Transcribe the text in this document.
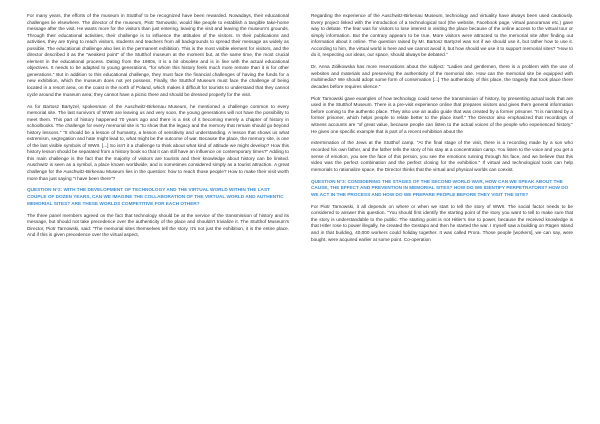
For many years, the efforts of the museum in Stutthof to be recognized have been rewarded. Nowadays, their educational challenges lie elsewhere. The director of the museum, Piotr Tarnowski, would like people to establish a tangible take-home message after the visit. He wants more for the visitors than just entering, leaving the visit and leaving the museum's grounds. Through their educational activities, their challenge is to influence the attitudes of the visitors. In their publications and activities, they are trying to reach visitors, students and teachers from all backgrounds to spread their message as widely as possible. The educational challenge also lies in the permanent exhibition. This is the most visible element for visitors, and the director described it as the "weakest point" of the Stutthof museum at the moment but, at the same time, the most crucial element in the educational process. Dating from the 1980s, it is a bit obsolete and is in line with the actual educational objectives. It needs to be adapted to young generations, "for whom this history feels much more remote than it is for other generations." But in addition to this educational challenge, they must face the financial challenges of having the funds for a new exhibition, which the museum does not yet possess. Finally, the Stutthof Museum must face the challenge of being located in a resort area, on the coast in the north of Poland, which makes it difficult for tourists to understand that they cannot cycle around the museum area; they cannot have a picnic there and should be dressed properly for the visit.

As for Bartosz Bartyzel, spokesman of the Auschwitz-Birkenau Museum, he mentioned a challenge common to every memorial site. The last survivors of WWII are leaving us and very soon, the young generations will not have the possibility to meet them. This part of history happened 70 years ago and there is a risk of it becoming merely a chapter of history in schoolbooks. The challenge for every memorial site is "to show that the legacy and the memory that remain should go beyond history lessons." "It should be a lesson of humanity, a lesson of sensitivity and understanding. A lesson that shows us what extremism, segregation and hate might lead to, what might be the outcome of war. Because the place, the memory site, is one of the last visible symbols of WWII. [...] So isn't it a challenge to think about what kind of attitude we might develop? How this history lesson should be separated from a history book so that it can still have an influence on contemporary times?" Adding to this main challenge is the fact that the majority of visitors are tourists and their knowledge about history can be limited. Auschwitz is seen as a symbol, a place known worldwide, and is sometimes considered simply as a tourist attraction. A great challenge for the Auschwitz-Birkenau Museum lies in the question: how to reach those people? How to make their visit worth more than just saying "I have been there"?

QUESTION N°2: WITH THE DEVELOPMENT OF TECHNOLOGY AND THE VIRTUAL WORLD WITHIN THE LAST COUPLE OF DOZEN YEARS, CAN WE IMAGINE THE COLLABORATION OF THE VIRTUAL WORLD AND AUTHENTIC MEMORIAL SITES? ARE THESE WORLDS COMPETITIVE FOR EACH OTHER?

The three panel members agreed on the fact that technology should be at the service of the transmission of history and its message, but should not take precedence over the authenticity of the place and shouldn't trivialize it. The Stutthof Museum's Director, Piotr Tarnowski, said: "The memorial sites themselves tell the story. It's not just the exhibition, it is the entire place. And if this is given precedence over the virtual aspect,

Regarding the experience of the Auschwitz-Birkenau Museum, technology and virtuality have always been used cautiously. Every project linked with the introduction of a technological tool (the website, Facebook page, virtual panoramas etc.) gave way to debate. The fear was for visitors to lose interest in visiting the place because of the online access to the virtual tour or simply information. But the contrary appears to be true. More visitors were attracted to the memorial site after finding out information about it online. The question raised by Mr. Bartosz Bartyzel was not if we should use it, but rather how to use it. According to him, the virtual world is here and we cannot avoid it, but how should we use it to support memorial sites? "How to do it, respecting our ideas, our space, should always be debated."

Dr. Anna Ziółkowska has more reservations about the subject: "Ladies and gentlemen, there is a problem with the use of websites and materials and preserving the authenticity of the memorial site. How can the memorial site be equipped with multimedia? We should adopt some form of conservation [...] The authenticity of this place, the tragedy that took place there decades before requires silence."

Piotr Tarnowski gave examples of how technology could serve the transmission of history, by presenting actual tools that are used in the Stutthof Museum. There is a pre-visit experience online that prepares visitors and gives them general information before coming to the authentic place. They also use an audio guide that was created by a former prisoner. "It is narrated by a former prisoner, which helps people to relate better to the place itself." The Director also emphasized that recordings of witness accounts are "of great value, because people can listen to the actual voices of the people who experienced history." He gives one specific example that is part of a recent exhibition about the

extermination of the Jews at the Stutthof camp. "At the final stage of the visit, there is a recording made by a son who recorded his own father, and the father tells the story of his stay at a concentration camp. You listen to the voice and you get a sense of emotion, you see the face of this person, you see the emotions running through his face, and we believe that this video was the perfect combination and the perfect closing for the exhibition." If virtual and technological tools can help memorials to rationalize space, the Director thinks that the virtual and physical worlds can coexist.

QUESTION N°3: CONSIDERING THE STAGES OF THE SECOND WORLD WAR, HOW CAN WE SPEAK ABOUT THE CAUSE, THE EFFECT AND PREVENTION IN MEMORIAL SITES? HOW DO WE IDENTIFY PERPETRATORS? HOW DO WE ACT IN THE PROCESS AND HOW DO WE PREPARE PEOPLE BEFORE THEY VISIT THE SITE?

For Piotr Tarnowski, it all depends on where or when we start to tell the story of WWII. The social factor needs to be considered to answer this question. "You should first identify the starting point of the story you want to tell to make sure that the story is understandable to the public. The starting point is not Hitler's rise to power, because the received knowledge is that Hitler rose to power illegally, he created the Gestapo and then he started the war. I myself saw a building on Rügen Island and in that building, 40,000 workers could holiday together. It was called Prora. Those people [workers], we can say, were bought, were acquired earlier at some point. Co-operation
